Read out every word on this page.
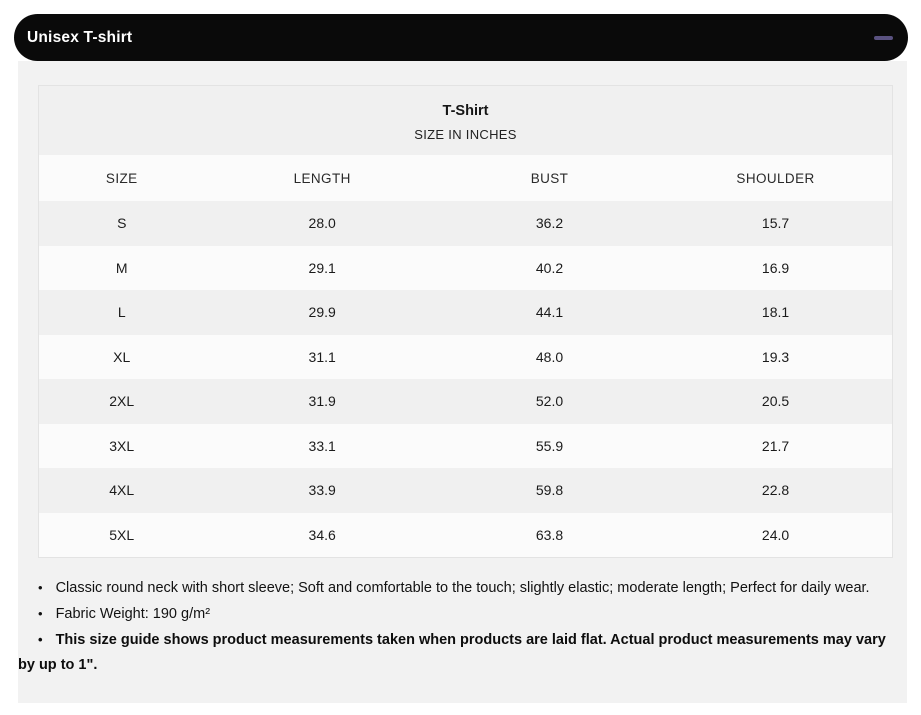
Unisex T-shirt
T-Shirt
SIZE IN INCHES
SIZE	LENGTH	BUST	SHOULDER
S	28.0	36.2	15.7
M	29.1	40.2	16.9
L	29.9	44.1	18.1
XL	31.1	48.0	19.3
2XL	31.9	52.0	20.5
3XL	33.1	55.9	21.7
4XL	33.9	59.8	22.8
5XL	34.6	63.8	24.0

• Classic round neck with short sleeve; Soft and comfortable to the touch; slightly elastic; moderate length; Perfect for daily wear.

• Fabric Weight: 190 g/m²

• This size guide shows product measurements taken when products are laid flat. Actual product measurements may vary by up to 1".
